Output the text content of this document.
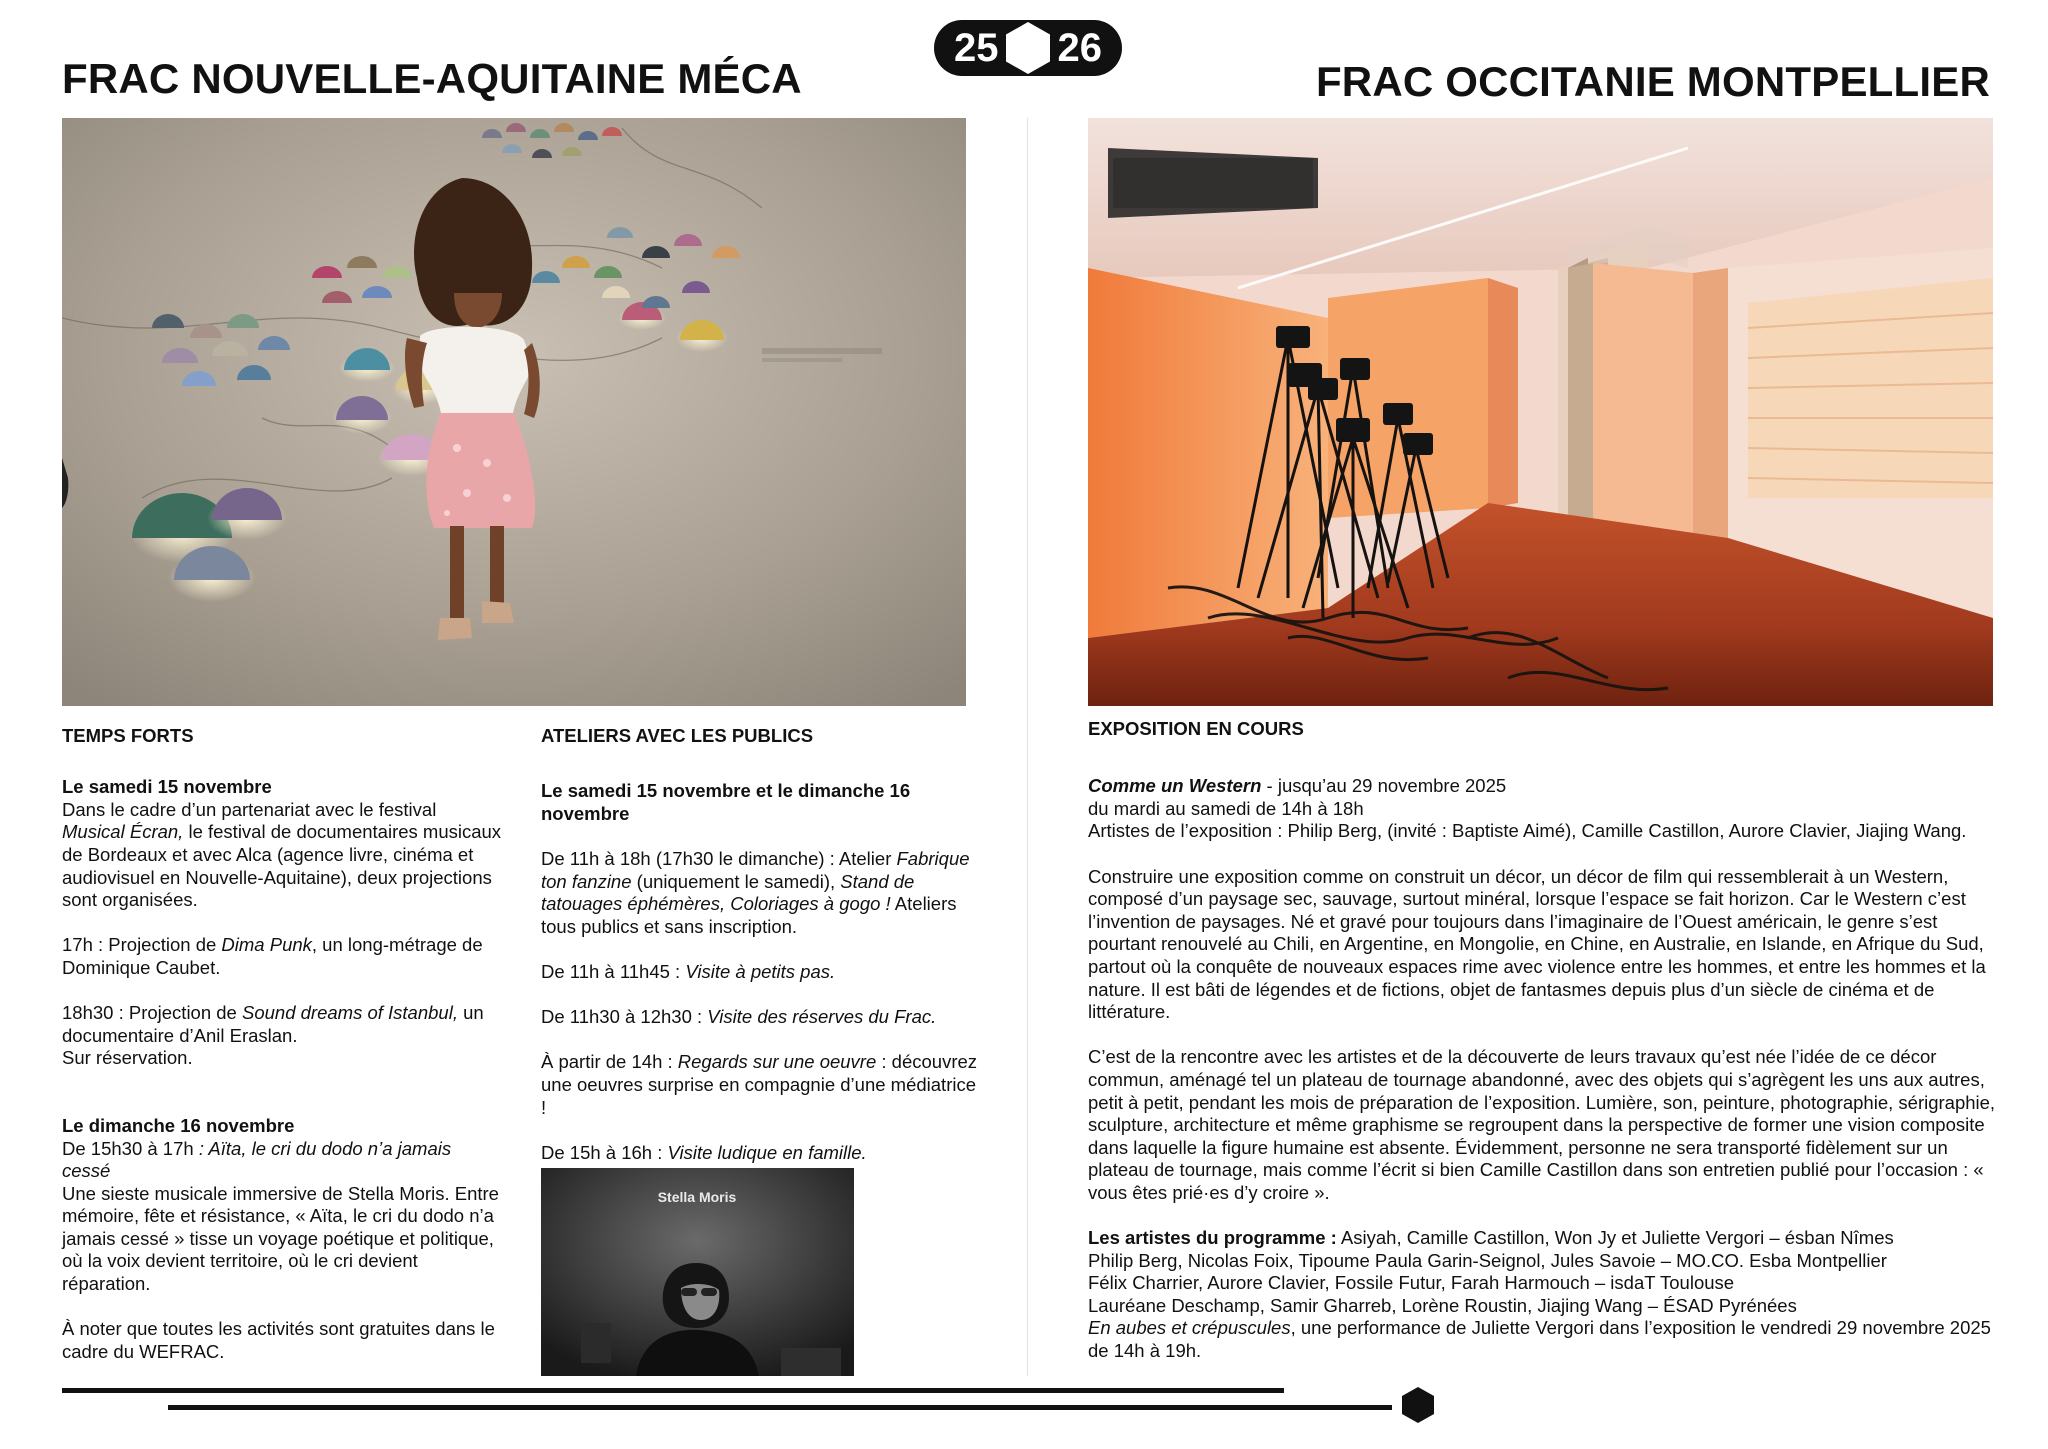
FRAC NOUVELLE-AQUITAINE MÉCA	FRAC OCCITANIE MONTPELLIER
25 26

TEMPS FORTS

Le samedi 15 novembre

Dans le cadre d’un partenariat avec le festival Musical Écran, le festival de documentaires musicaux de Bordeaux et avec Alca (agence livre, cinéma et audiovisuel en Nouvelle-Aquitaine), deux projections sont organisées.

17h : Projection de Dima Punk, un long-métrage de Dominique Caubet.

18h30 : Projection de Sound dreams of Istanbul, un documentaire d’Anil Eraslan.

Sur réservation.

Le dimanche 16 novembre

De 15h30 à 17h : Aïta, le cri du dodo n’a jamais cessé

Une sieste musicale immersive de Stella Moris. Entre mémoire, fête et résistance, « Aïta, le cri du dodo n’a jamais cessé » tisse un voyage poétique et politique, où la voix devient territoire, où le cri devient réparation.

À noter que toutes les activités sont gratuites dans le cadre du WEFRAC.

ATELIERS AVEC LES PUBLICS

Le samedi 15 novembre et le dimanche 16 novembre

De 11h à 18h (17h30 le dimanche) : Atelier Fabrique ton fanzine (uniquement le samedi), Stand de tatouages éphémères, Coloriages à gogo ! Ateliers tous publics et sans inscription.

De 11h à 11h45 : Visite à petits pas.

De 11h30 à 12h30 : Visite des réserves du Frac.

À partir de 14h : Regards sur une oeuvre : découvrez une oeuvres surprise en compagnie d’une médiatrice !

De 15h à 16h : Visite ludique en famille.

Stella Moris

EXPOSITION EN COURS

Comme un Western - jusqu’au 29 novembre 2025

du mardi au samedi de 14h à 18h

Artistes de l’exposition : Philip Berg, (invité : Baptiste Aimé), Camille Castillon, Aurore Clavier, Jiajing Wang.

Construire une exposition comme on construit un décor, un décor de film qui ressemblerait à un Western, composé d’un paysage sec, sauvage, surtout minéral, lorsque l’espace se fait horizon. Car le Western c’est l’invention de paysages. Né et gravé pour toujours dans l’imaginaire de l’Ouest américain, le genre s’est pourtant renouvelé au Chili, en Argentine, en Mongolie, en Chine, en Australie, en Islande, en Afrique du Sud, partout où la conquête de nouveaux espaces rime avec violence entre les hommes, et entre les hommes et la nature. Il est bâti de légendes et de fictions, objet de fantasmes depuis plus d’un siècle de cinéma et de littérature.

C’est de la rencontre avec les artistes et de la découverte de leurs travaux qu’est née l’idée de ce décor commun, aménagé tel un plateau de tournage abandonné, avec des objets qui s’agrègent les uns aux autres, petit à petit, pendant les mois de préparation de l’exposition. Lumière, son, peinture, photographie, sérigraphie, sculpture, architecture et même graphisme se regroupent dans la perspective de former une vision composite dans laquelle la figure humaine est absente. Évidemment, personne ne sera transporté fidèlement sur un plateau de tournage, mais comme l’écrit si bien Camille Castillon dans son entretien publié pour l’occasion : « vous êtes prié·es d’y croire ».

Les artistes du programme : Asiyah, Camille Castillon, Won Jy et Juliette Vergori – ésban Nîmes

Philip Berg, Nicolas Foix, Tipoume Paula Garin-Seignol, Jules Savoie – MO.CO. Esba Montpellier

Félix Charrier, Aurore Clavier, Fossile Futur, Farah Harmouch – isdaT Toulouse

Lauréane Deschamp, Samir Gharreb, Lorène Roustin, Jiajing Wang – ÉSAD Pyrénées

En aubes et crépuscules, une performance de Juliette Vergori dans l’exposition le vendredi 29 novembre 2025 de 14h à 19h.
